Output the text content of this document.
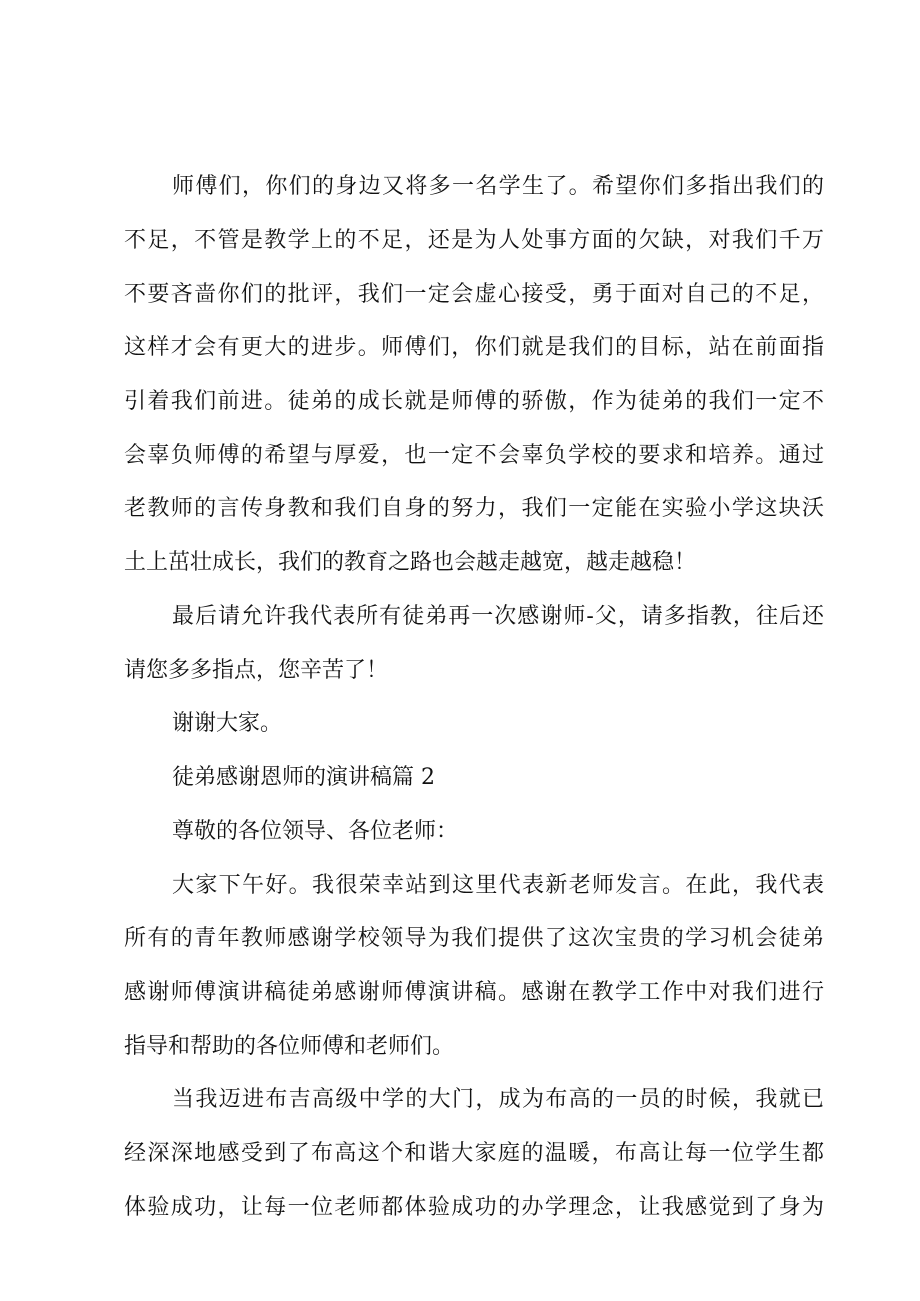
师傅们，你们的身边又将多一名学生了。希望你们多指出我们的
不足，不管是教学上的不足，还是为人处事方面的欠缺，对我们千万
不要吝啬你们的批评，我们一定会虚心接受，勇于面对自己的不足，
这样才会有更大的进步。师傅们，你们就是我们的目标，站在前面指
引着我们前进。徒弟的成长就是师傅的骄傲，作为徒弟的我们一定不
会辜负师傅的希望与厚爱，也一定不会辜负学校的要求和培养。通过
老教师的言传身教和我们自身的努力，我们一定能在实验小学这块沃
土上茁壮成长，我们的教育之路也会越走越宽，越走越稳！
最后请允许我代表所有徒弟再一次感谢师-父，请多指教，往后还
请您多多指点，您辛苦了！
谢谢大家。
徒弟感谢恩师的演讲稿篇 2
尊敬的各位领导、各位老师：
大家下午好。我很荣幸站到这里代表新老师发言。在此，我代表
所有的青年教师感谢学校领导为我们提供了这次宝贵的学习机会徒弟
感谢师傅演讲稿徒弟感谢师傅演讲稿。感谢在教学工作中对我们进行
指导和帮助的各位师傅和老师们。
当我迈进布吉高级中学的大门，成为布高的一员的时候，我就已
经深深地感受到了布高这个和谐大家庭的温暖，布高让每一位学生都
体验成功，让每一位老师都体验成功的办学理念，让我感觉到了身为
